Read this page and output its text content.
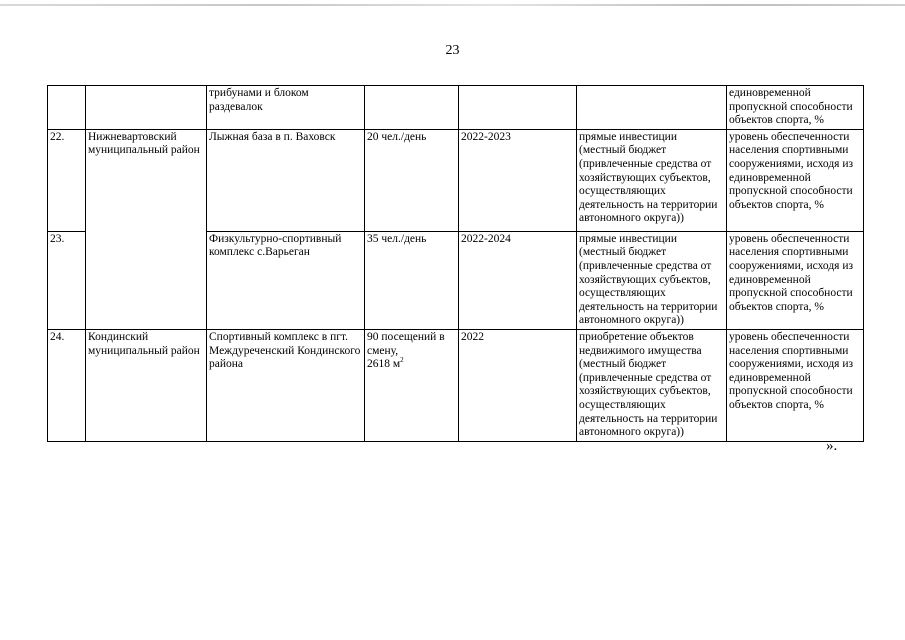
23
		трибунами и блоком раздевалок				единовременной пропускной способности объектов спорта, %
22.	Нижневартовский муниципальный район	Лыжная база в п. Ваховск	20 чел./день	2022-2023	прямые инвестиции (местный бюджет (привлеченные средства от хозяйствующих субъектов, осуществляющих деятельность на территории автономного округа))	уровень обеспеченности населения спортивными сооружениями, исходя из единовременной пропускной способности объектов спорта, %
23.		Физкультурно-спортивный комплекс с.Варьеган	35 чел./день	2022-2024	прямые инвестиции (местный бюджет (привлеченные средства от хозяйствующих субъектов, осуществляющих деятельность на территории автономного округа))	уровень обеспеченности населения спортивными сооружениями, исходя из единовременной пропускной способности объектов спорта, %
24.	Кондинский муниципальный район	Спортивный комплекс в пгт. Междуреченский Кондинского района	90 посещений в смену,
2618 $м^2$	2022	приобретение объектов недвижимого имущества (местный бюджет (привлеченные средства от хозяйствующих субъектов, осуществляющих деятельность на территории автономного округа))	уровень обеспеченности населения спортивными сооружениями, исходя из единовременной пропускной способности объектов спорта, %
».
